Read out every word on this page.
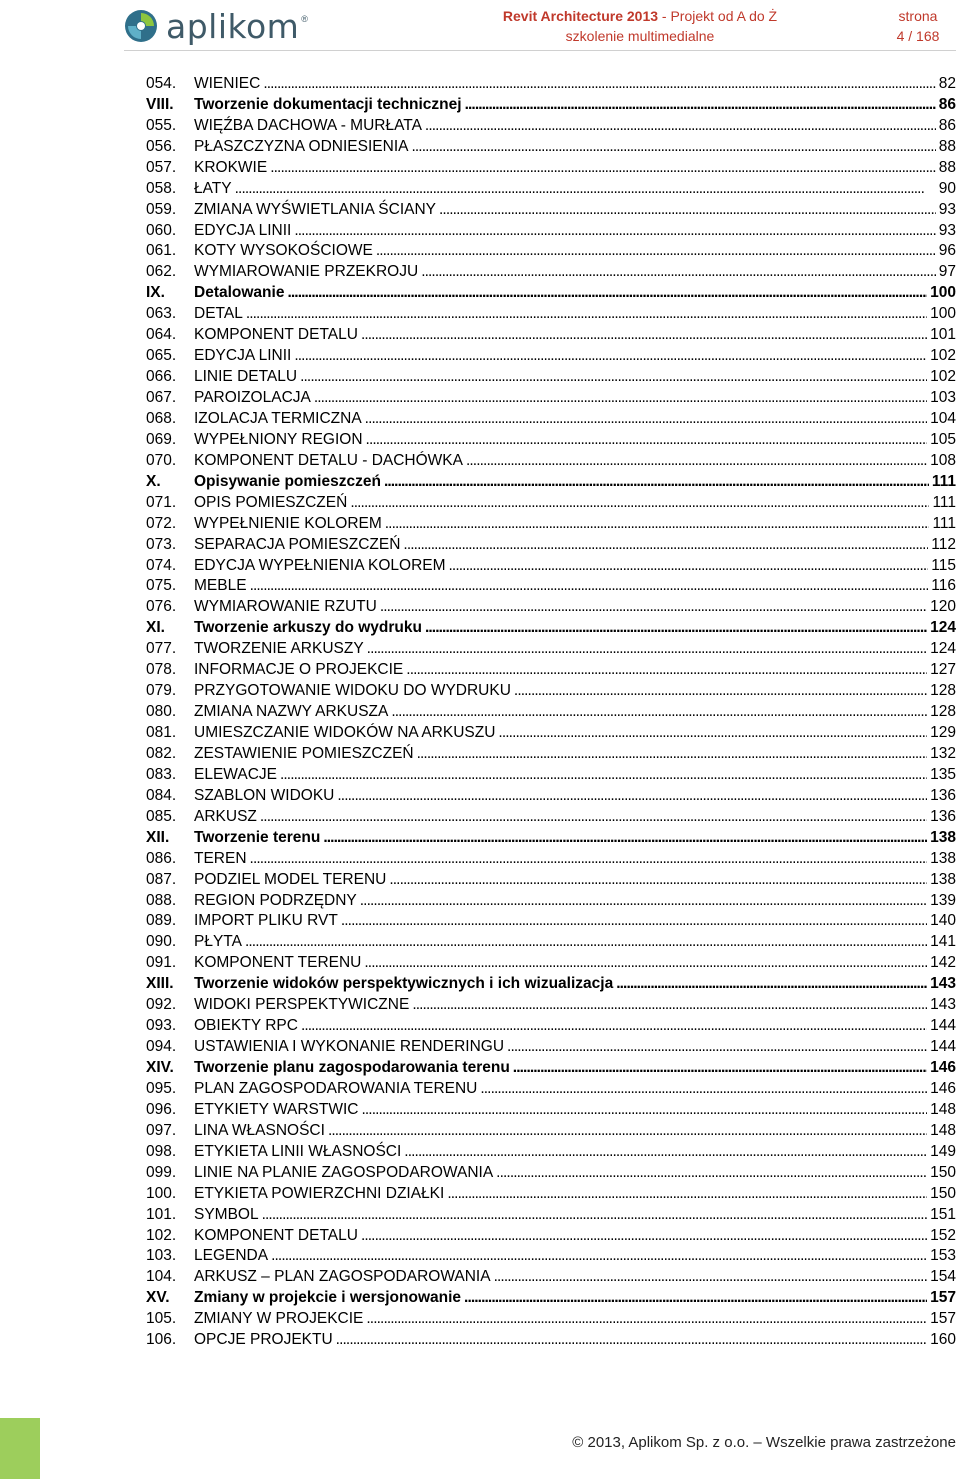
aplikom ®	Revit Architecture 2013 - Projekt od A do Ż
szkolenie multimedialne
strona
4 / 168
054.	WIENIEC . . .	82
VIII.	Tworzenie dokumentacji technicznej . . .	86
055.	WIĘŹBA DACHOWA - MURŁATA . . .	86
056.	PŁASZCZYZNA ODNIESIENIA . . .	88
057.	KROKWIE . . .	88
058.	ŁATY . . .	90
059.	ZMIANA WYŚWIETLANIA ŚCIANY . . .	93
060.	EDYCJA LINII . . .	93
061.	KOTY WYSOKOŚCIOWE . . .	96
062.	WYMIAROWANIE PRZEKROJU . . .	97
IX.	Detalowanie . . .	100
063.	DETAL . . .	100
064.	KOMPONENT DETALU . . .	101
065.	EDYCJA LINII . . .	102
066.	LINIE DETALU . . .	102
067.	PAROIZOLACJA . . .	103
068.	IZOLACJA TERMICZNA . . .	104
069.	WYPEŁNIONY REGION . . .	105
070.	KOMPONENT DETALU - DACHÓWKA . . .	108
X.	Opisywanie pomieszczeń . . .	111
071.	OPIS POMIESZCZEŃ . . .	111
072.	WYPEŁNIENIE KOLOREM . . .	111
073.	SEPARACJA POMIESZCZEŃ . . .	112
074.	EDYCJA WYPEŁNIENIA KOLOREM . . .	115
075.	MEBLE . . .	116
076.	WYMIAROWANIE RZUTU . . .	120
XI.	Tworzenie arkuszy do wydruku . . .	124
077.	TWORZENIE ARKUSZY . . .	124
078.	INFORMACJE O PROJEKCIE . . .	127
079.	PRZYGOTOWANIE WIDOKU DO WYDRUKU . . .	128
080.	ZMIANA NAZWY ARKUSZA . . .	128
081.	UMIESZCZANIE WIDOKÓW NA ARKUSZU . . .	129
082.	ZESTAWIENIE POMIESZCZEŃ . . .	132
083.	ELEWACJE . . .	135
084.	SZABLON WIDOKU . . .	136
085.	ARKUSZ . . .	136
XII.	Tworzenie terenu . . .	138
086.	TEREN . . .	138
087.	PODZIEL MODEL TERENU . . .	138
088.	REGION PODRZĘDNY . . .	139
089.	IMPORT PLIKU RVT . . .	140
090.	PŁYTA . . .	141
091.	KOMPONENT TERENU . . .	142
XIII.	Tworzenie widoków perspektywicznych i ich wizualizacja . . .	143
092.	WIDOKI PERSPEKTYWICZNE . . .	143
093.	OBIEKTY RPC . . .	144
094.	USTAWIENIA I WYKONANIE RENDERINGU . . .	144
XIV.	Tworzenie planu zagospodarowania terenu . . .	146
095.	PLAN ZAGOSPODAROWANIA TERENU . . .	146
096.	ETYKIETY WARSTWIC . . .	148
097.	LINA WŁASNOŚCI . . .	148
098.	ETYKIETA LINII WŁASNOŚCI . . .	149
099.	LINIE NA PLANIE ZAGOSPODAROWANIA . . .	150
100.	ETYKIETA POWIERZCHNI DZIAŁKI . . .	150
101.	SYMBOL . . .	151
102.	KOMPONENT DETALU . . .	152
103.	LEGENDA . . .	153
104.	ARKUSZ – PLAN ZAGOSPODAROWANIA . . .	154
XV.	Zmiany w projekcie i wersjonowanie . . .	157
105.	ZMIANY W PROJEKCIE . . .	157
106.	OPCJE PROJEKTU . . .	160
© 2013, Aplikom Sp. z o.o. – Wszelkie prawa zastrzeżone
